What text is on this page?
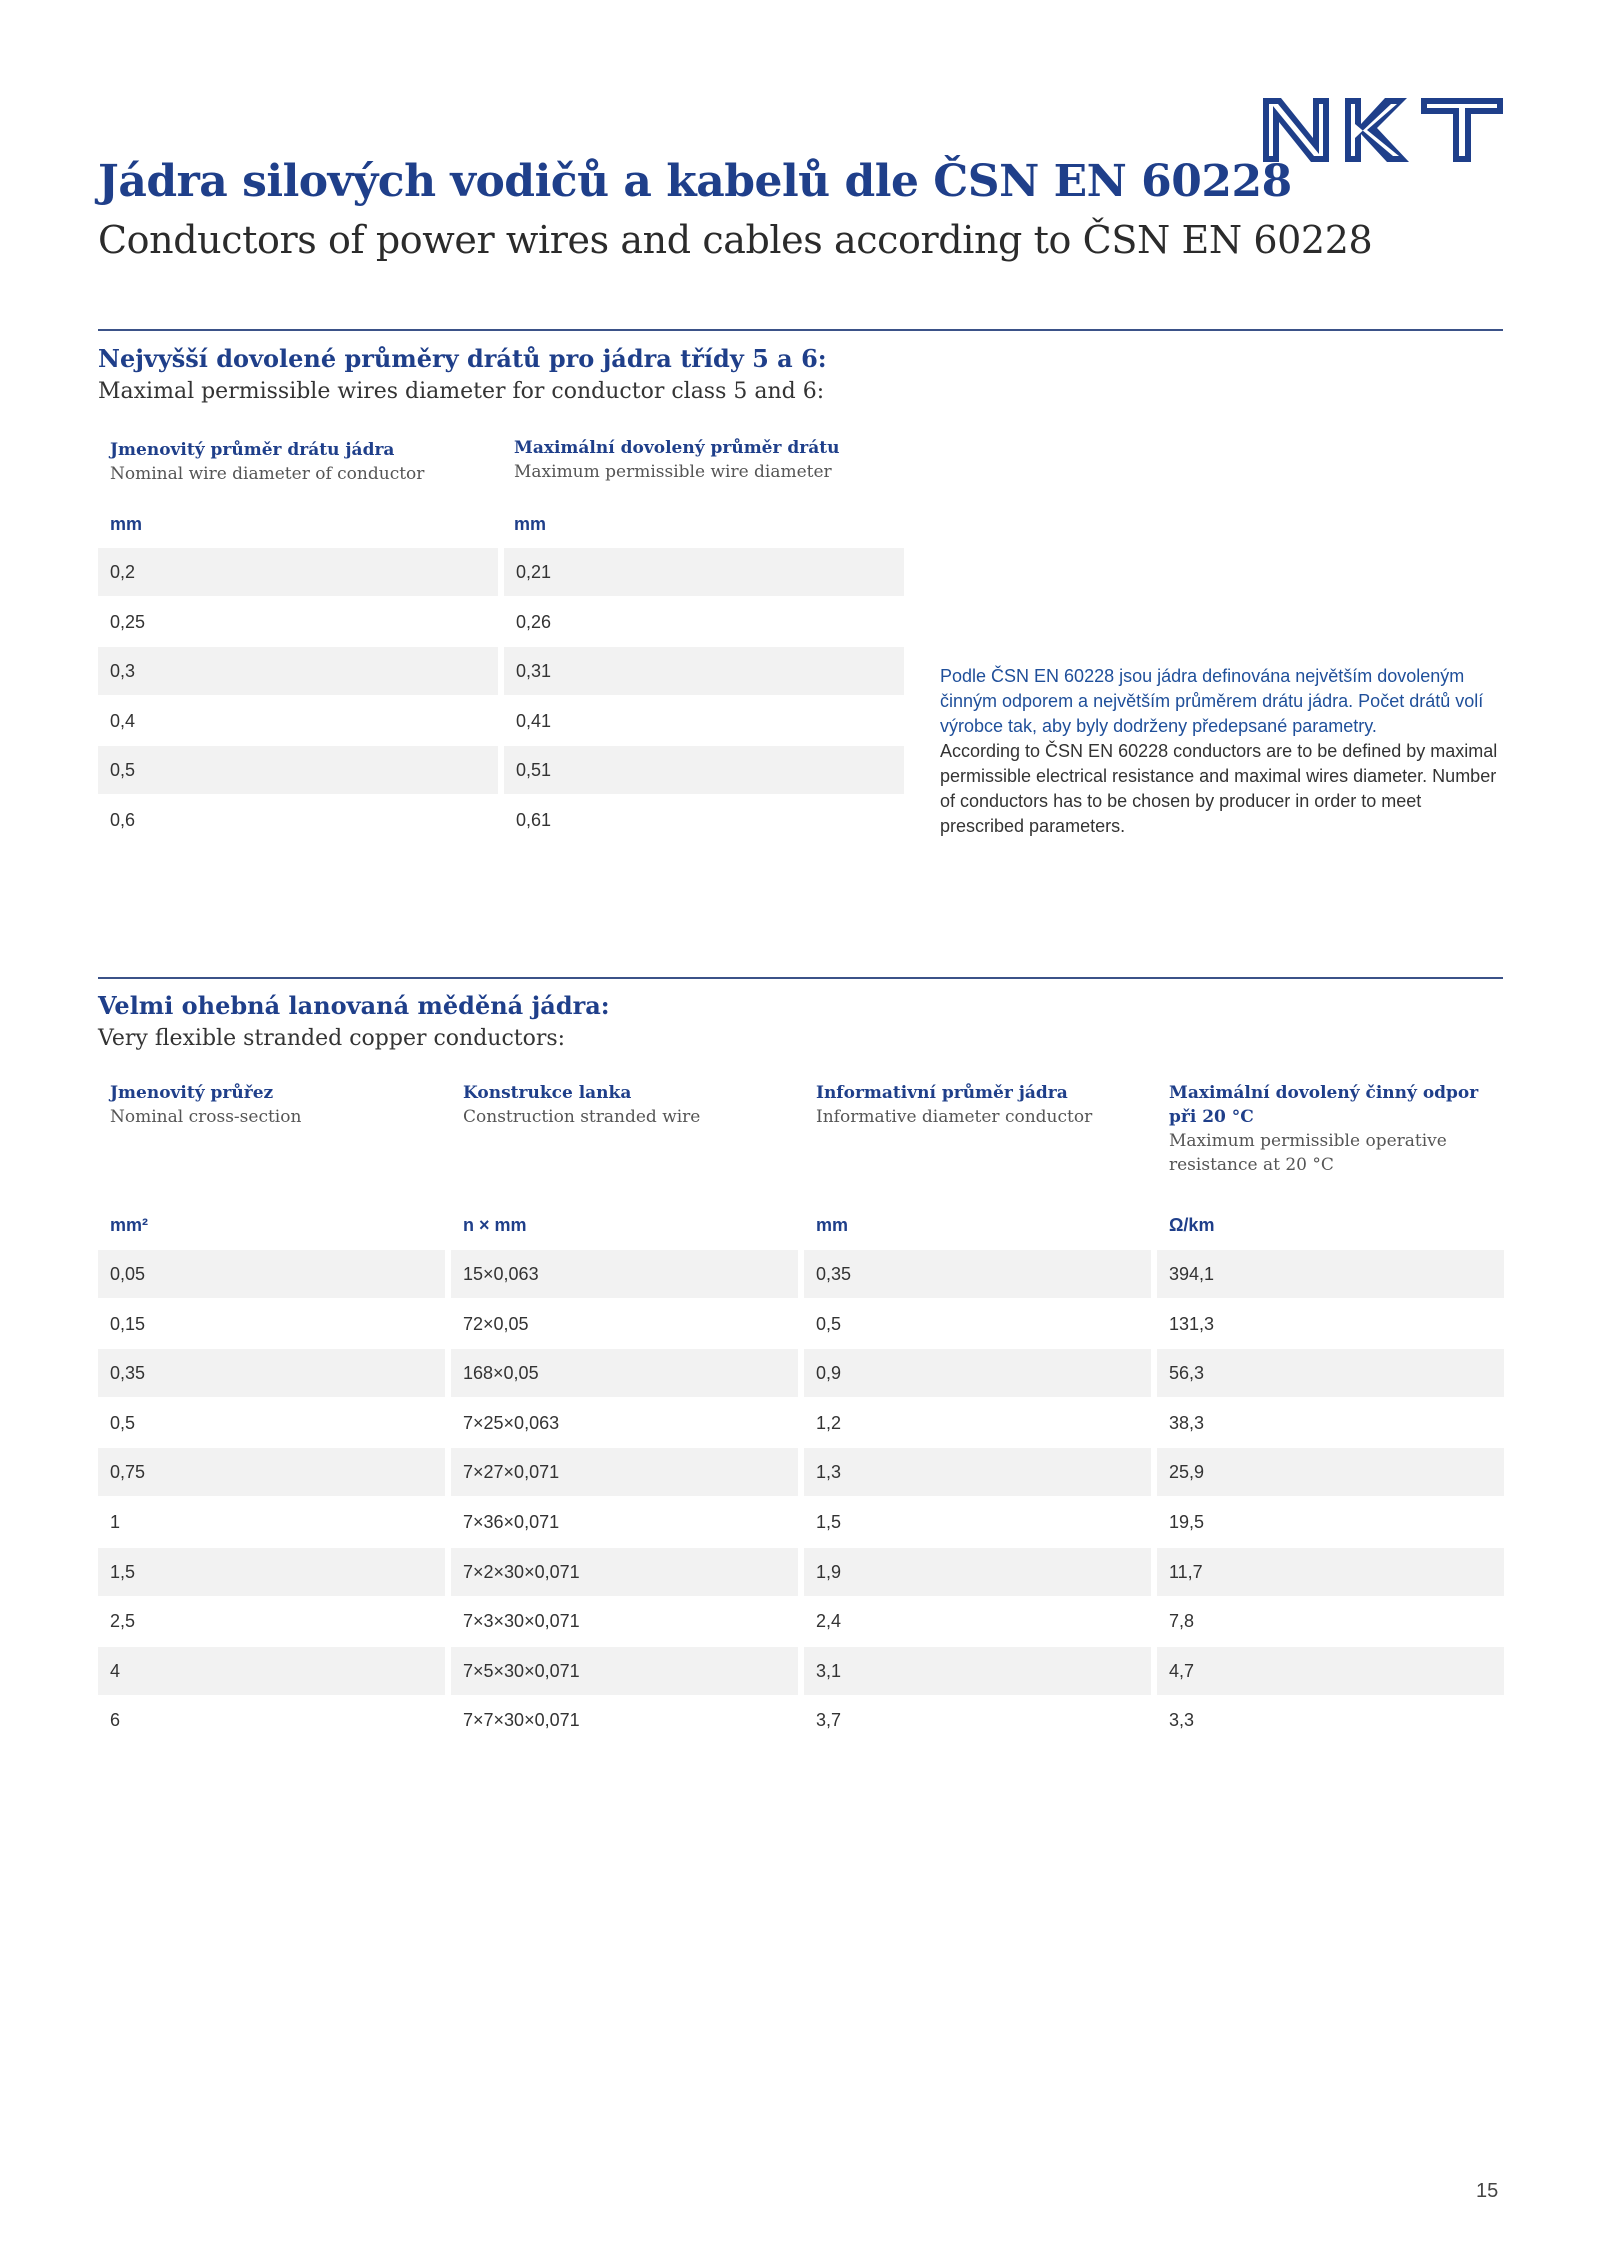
Jádra silových vodičů a kabelů dle ČSN EN 60228
Conductors of power wires and cables according to ČSN EN 60228
Nejvyšší dovolené průměry drátů pro jádra třídy 5 a 6:
Maximal permissible wires diameter for conductor class 5 and 6:
Jmenovitý průměr drátu jádra
Nominal wire diameter of conductor
Maximální dovolený průměr drátu
Maximum permissible wire diameter
mm	mm
0,2	0,21
0,25	0,26
0,3	0,31
0,4	0,41
0,5	0,51
0,6	0,61
Podle ČSN EN 60228 jsou jádra definována největším dovoleným činným odporem a největším průměrem drátu jádra. Počet drátů volí výrobce tak, aby byly dodrženy předepsané parametry.
According to ČSN EN 60228 conductors are to be defined by maximal permissible electrical resistance and maximal wires diameter. Number of conductors has to be chosen by producer in order to meet prescribed parameters.
Velmi ohebná lanovaná měděná jádra:
Very flexible stranded copper conductors:
Jmenovitý průřez
Nominal cross-section
Konstrukce lanka
Construction stranded wire
Informativní průměr jádra
Informative diameter conductor
Maximální dovolený činný odpor při 20 °C
Maximum permissible operative resistance at 20 °C
mm²	n × mm	mm	Ω/km
0,05	15×0,063	0,35	394,1
0,15	72×0,05	0,5	131,3
0,35	168×0,05	0,9	56,3
0,5	7×25×0,063	1,2	38,3
0,75	7×27×0,071	1,3	25,9
1	7×36×0,071	1,5	19,5
1,5	7×2×30×0,071	1,9	11,7
2,5	7×3×30×0,071	2,4	7,8
4	7×5×30×0,071	3,1	4,7
6	7×7×30×0,071	3,7	3,3
15
